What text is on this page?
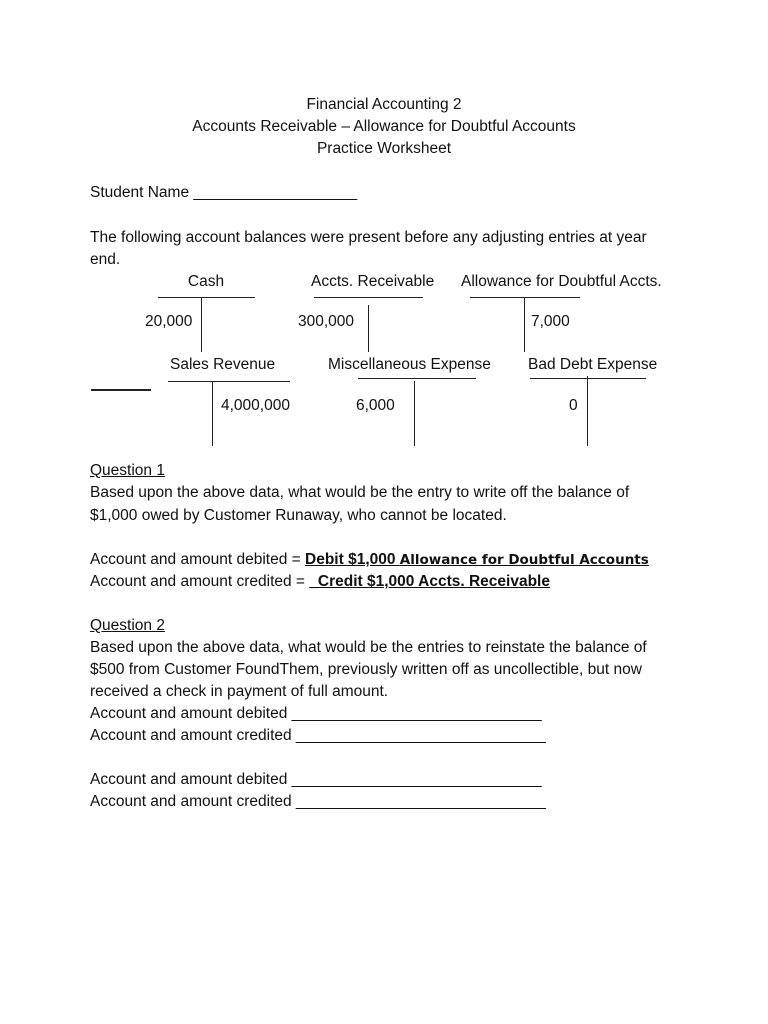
Financial Accounting 2
Accounts Receivable – Allowance for Doubtful Accounts
Practice Worksheet
Student Name ___________________
The following account balances were present before any adjusting entries at year
end.
Cash
20,000
Accts. Receivable
300,000
Allowance for Doubtful Accts.
7,000
Sales Revenue
4,000,000
Miscellaneous Expense
6,000
Bad Debt Expense
0
Question 1
Based upon the above data, what would be the entry to write off the balance of
$1,000 owed by Customer Runaway, who cannot be located.
Account and amount debited = Debit $1,000 Allowance for Doubtful Accounts
Account and amount credited = _Credit $1,000 Accts. Receivable
Question 2
Based upon the above data, what would be the entries to reinstate the balance of
$500 from Customer FoundThem, previously written off as uncollectible, but now
received a check in payment of full amount.
Account and amount debited _____________________________
Account and amount credited _____________________________
Account and amount debited _____________________________
Account and amount credited _____________________________
